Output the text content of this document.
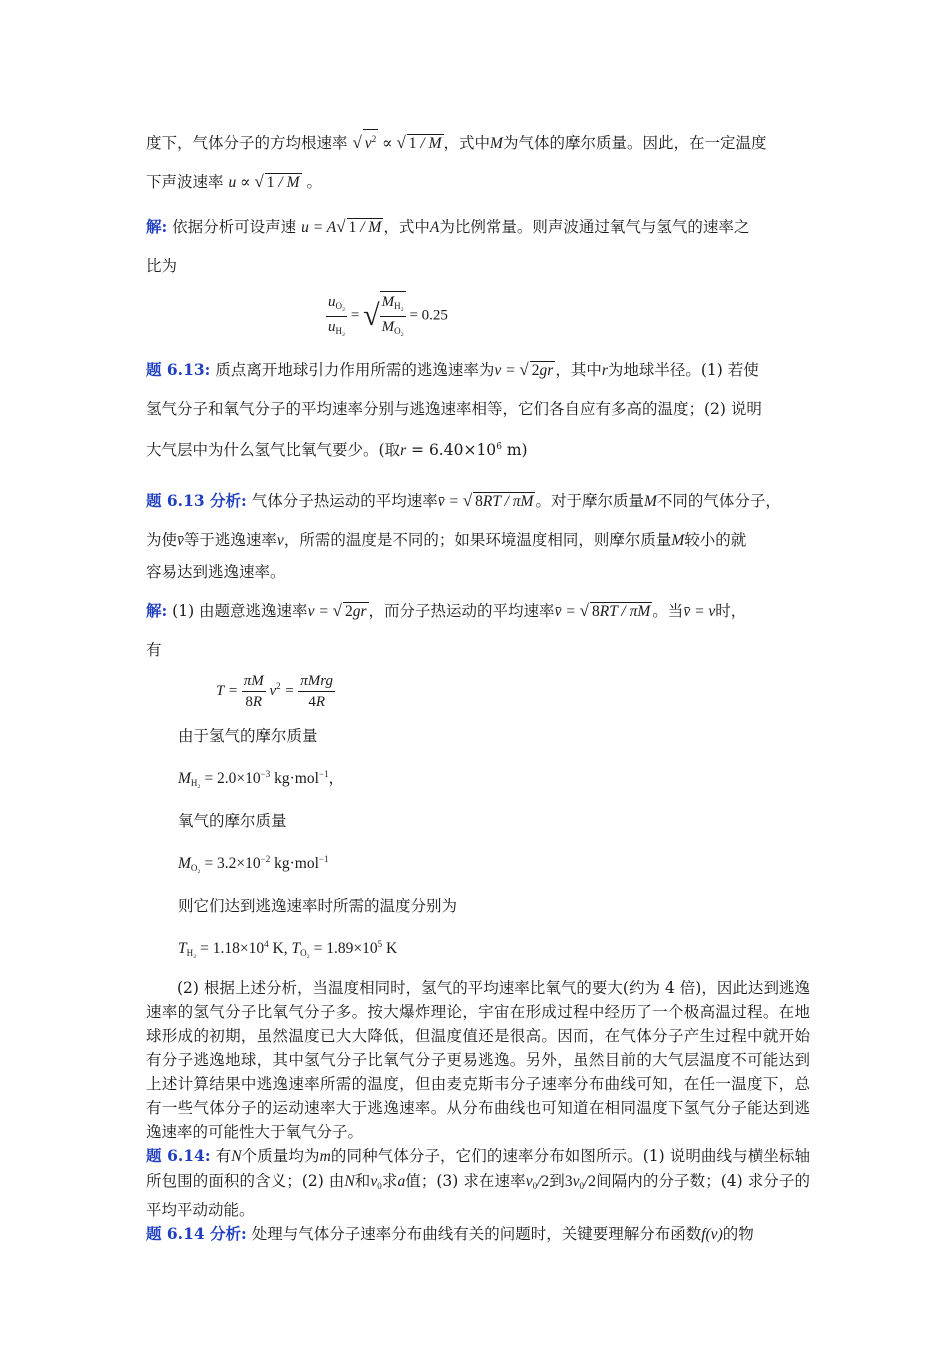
度下，气体分子的方均根速率 √ $v^2$ ∝ √ 1 / M ，式中M为气体的摩尔质量。因此，在一定温度
下声波速率 u ∝ √ 1 / M 。

解: 依据分析可设声速 u = A√ 1 / M ，式中A为比例常量。则声波通过氧气与氢气的速率之
比为

$\frac{u_{O_2}}{u_{H_2}}$ = √ $\frac{M_{H_2}}{M_{O_2}} = 0.25$

题 6.13: 质点离开地球引力作用所需的逃逸速率为v = √ 2gr ，其中r为地球半径。(1) 若使
氢气分子和氧气分子的平均速率分别与逃逸速率相等，它们各自应有多高的温度；(2) 说明
大气层中为什么氢气比氧气要少。(取$r = 6.40\times 10^6$ m)

题 6.13 分析: 气体分子热运动的平均速率v̄ = √ 8RT / πM 。对于摩尔质量M不同的气体分子，
为使v̄等于逃逸速率v，所需的温度是不同的；如果环境温度相同，则摩尔质量M较小的就

容易达到逃逸速率。

解: (1) 由题意逃逸速率v = √ 2gr ，而分子热运动的平均速率v̄ = √ 8RT / πM 。当v̄ = v时，
有

$T = \frac{\pi M}{8R} v^2 = \frac{\text{πMrg}}{4R}$
由于氢气的摩尔质量
$M_{H_2} = 2.0\times 10^{-3}$ kg·mol$^{-1}$，
氧气的摩尔质量
$M_{O_2} = 3.2\times 10^{-2}$ kg·mol$^{-1}$
则它们达到逃逸速率时所需的温度分别为
$T_{H_2} = 1.18\times 10^4$ K, $T_{O_2} = 1.89\times 10^5$ K

(2) 根据上述分析，当温度相同时，氢气的平均速率比氧气的要大(约为 4 倍)，因此达到逃逸速率的氢气分子比氧气分子多。按大爆炸理论，宇宙在形成过程中经历了一个极高温过程。在地球形成的初期，虽然温度已大大降低，但温度值还是很高。因而，在气体分子产生过程中就开始有分子逃逸地球，其中氢气分子比氧气分子更易逃逸。另外，虽然目前的大气层温度不可能达到上述计算结果中逃逸速率所需的温度，但由麦克斯韦分子速率分布曲线可知，在任一温度下，总有一些气体分子的运动速率大于逃逸速率。从分布曲线也可知道在相同温度下氢气分子能达到逃逸速率的可能性大于氧气分子。

题 6.14: 有N个质量均为m的同种气体分子，它们的速率分布如图所示。(1) 说明曲线与横坐标轴所包围的面积的含义；(2) 由N和$v_0$求a值；(3) 求在速率$v_0/2$到$3v_0/2$间隔内的分子数；(4) 求分子的平均平动动能。

题 6.14 分析: 处理与气体分子速率分布曲线有关的问题时，关键要理解分布函数f(v)的物
